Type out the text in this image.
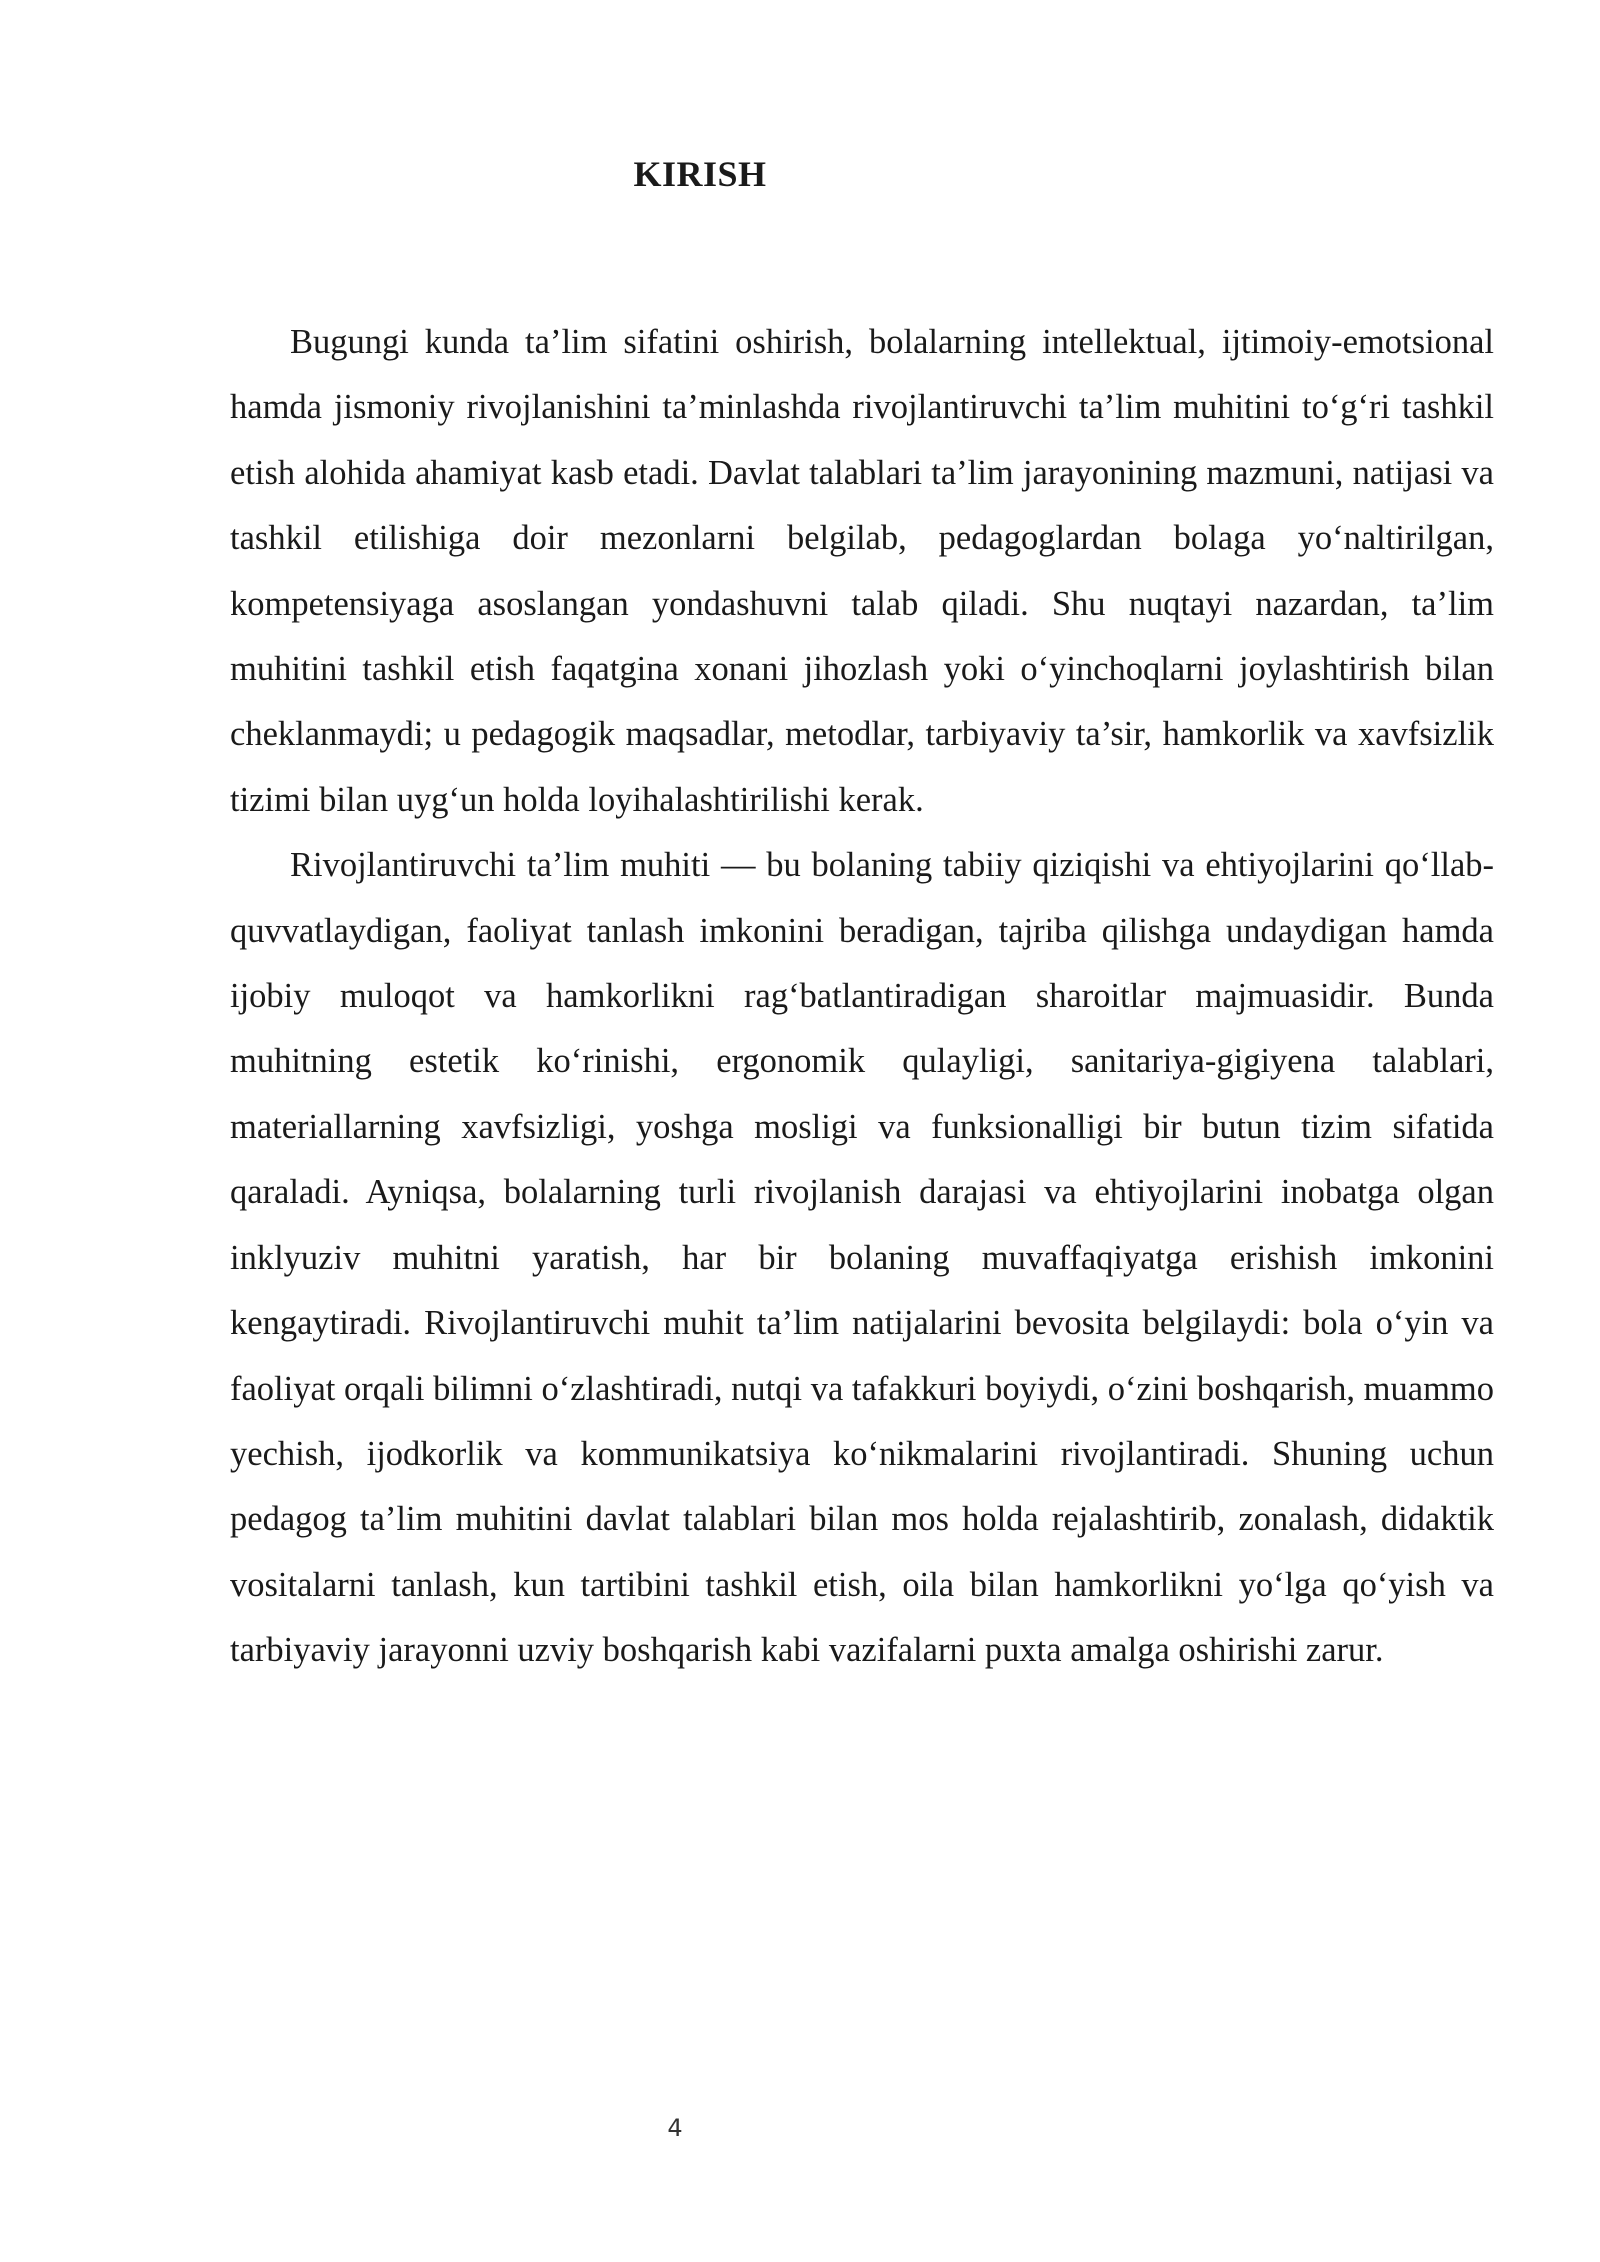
KIRISH

Bugungi kunda ta’lim sifatini oshirish, bolalarning intellektual, ijtimoiy-emotsional hamda jismoniy rivojlanishini ta’minlashda rivojlantiruvchi ta’lim muhitini to‘g‘ri tashkil etish alohida ahamiyat kasb etadi. Davlat talablari ta’lim jarayonining mazmuni, natijasi va tashkil etilishiga doir mezonlarni belgilab, pedagoglardan bolaga yo‘naltirilgan, kompetensiyaga asoslangan yondashuvni talab qiladi. Shu nuqtayi nazardan, ta’lim muhitini tashkil etish faqatgina xonani jihozlash yoki o‘yinchoqlarni joylashtirish bilan cheklanmaydi; u pedagogik maqsadlar, metodlar, tarbiyaviy ta’sir, hamkorlik va xavfsizlik tizimi bilan uyg‘un holda loyihalashtirilishi kerak.

Rivojlantiruvchi ta’lim muhiti — bu bolaning tabiiy qiziqishi va ehtiyojlarini qo‘llab-quvvatlaydigan, faoliyat tanlash imkonini beradigan, tajriba qilishga undaydigan hamda ijobiy muloqot va hamkorlikni rag‘batlantiradigan sharoitlar majmuasidir. Bunda muhitning estetik ko‘rinishi, ergonomik qulayligi, sanitariya-gigiyena talablari, materiallarning xavfsizligi, yoshga mosligi va funksionalligi bir butun tizim sifatida qaraladi. Ayniqsa, bolalarning turli rivojlanish darajasi va ehtiyojlarini inobatga olgan inklyuziv muhitni yaratish, har bir bolaning muvaffaqiyatga erishish imkonini kengaytiradi. Rivojlantiruvchi muhit ta’lim natijalarini bevosita belgilaydi: bola o‘yin va faoliyat orqali bilimni o‘zlashtiradi, nutqi va tafakkuri boyiydi, o‘zini boshqarish, muammo yechish, ijodkorlik va kommunikatsiya ko‘nikmalarini rivojlantiradi. Shuning uchun pedagog ta’lim muhitini davlat talablari bilan mos holda rejalashtirib, zonalash, didaktik vositalarni tanlash, kun tartibini tashkil etish, oila bilan hamkorlikni yo‘lga qo‘yish va tarbiyaviy jarayonni uzviy boshqarish kabi vazifalarni puxta amalga oshirishi zarur.

4
